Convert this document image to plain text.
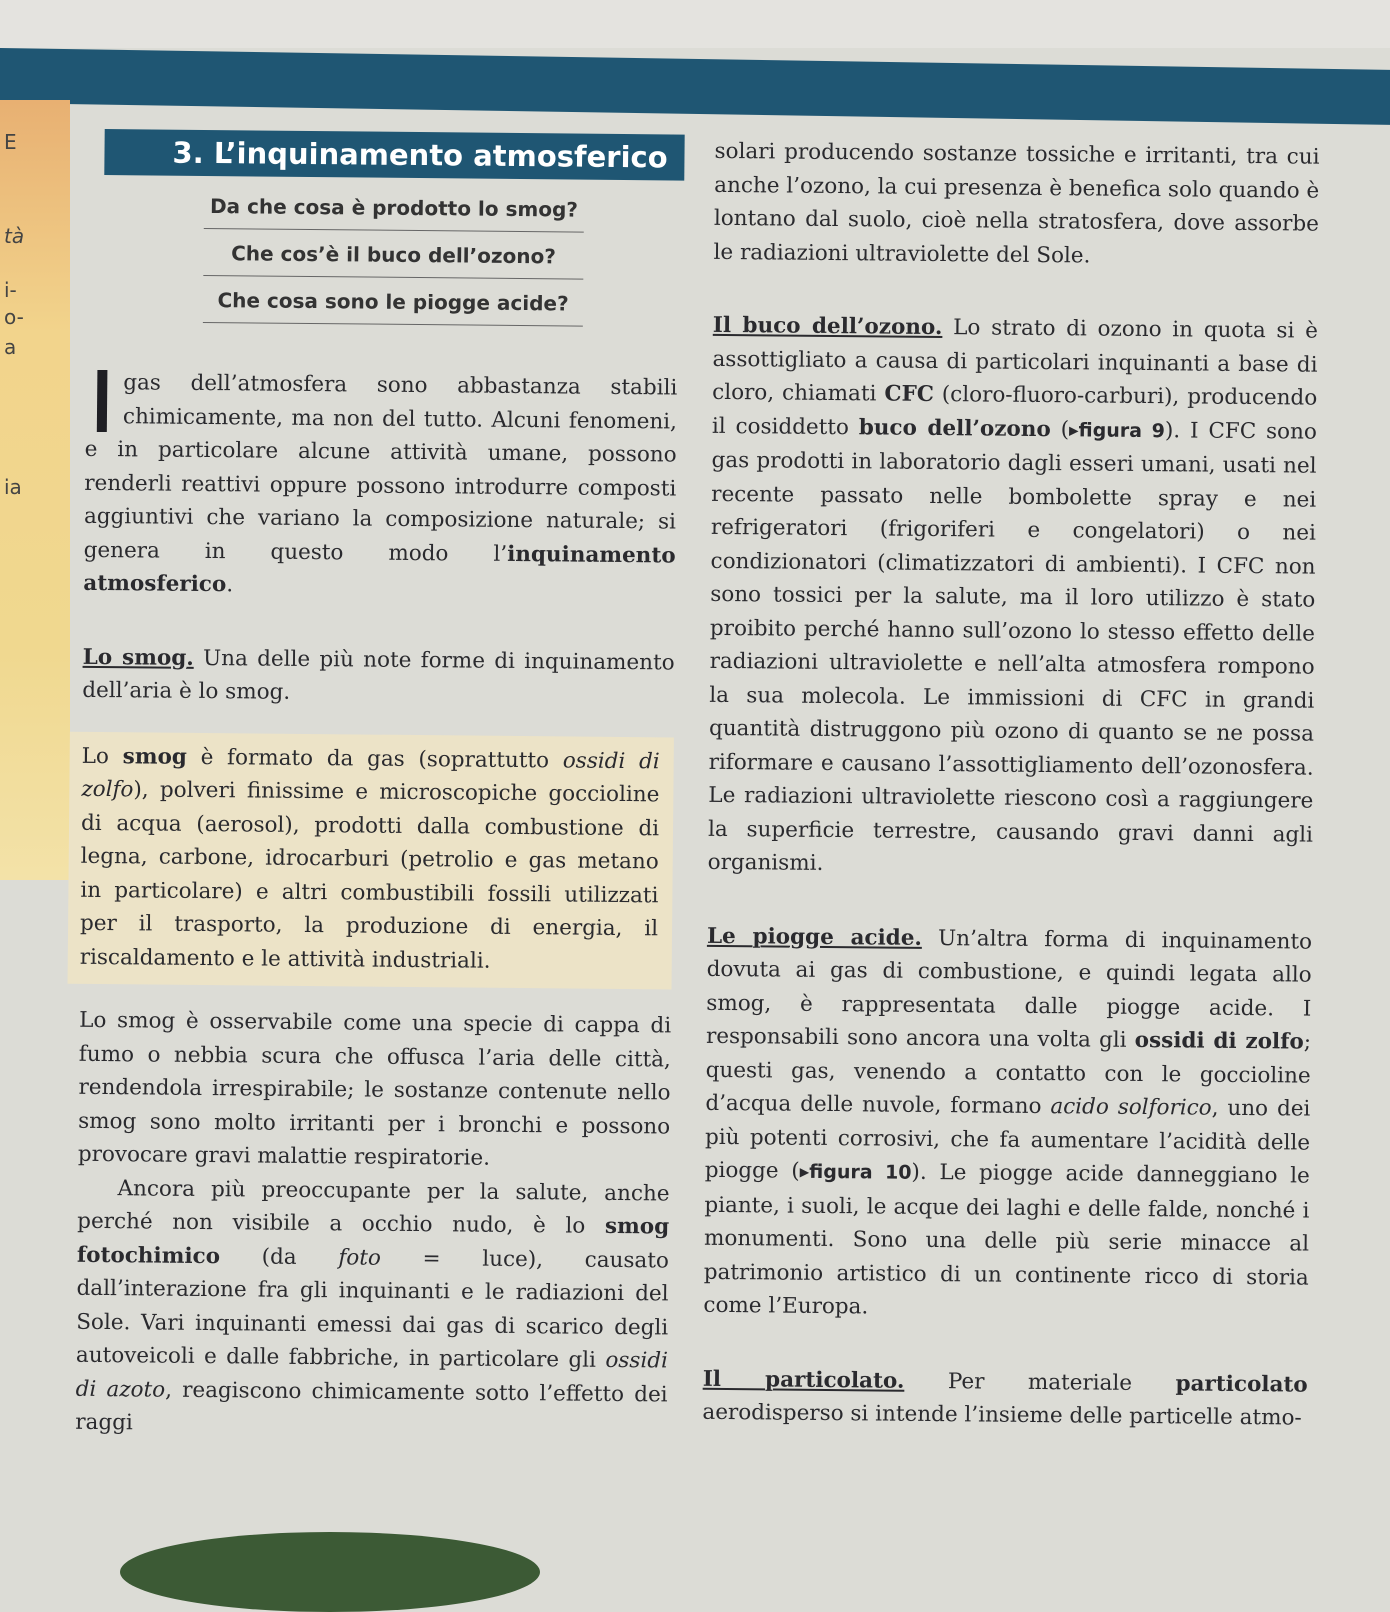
E
tà
i-
o-
a
ia
3. L’inquinamento atmosferico
Da che cosa è prodotto lo smog?
Che cos’è il buco dell’ozono?
Che cosa sono le piogge acide?

gas dell’atmosfera sono abbastanza stabili chimicamente, ma non del tutto. Alcuni fenomeni, e in particolare alcune attività umane, possono renderli reattivi oppure possono introdurre composti aggiuntivi che variano la composizione naturale; si genera in questo modo l’inquinamento atmosferico.

Lo smog. Una delle più note forme di inquinamento dell’aria è lo smog.

Lo smog è formato da gas (soprattutto ossidi di zolfo), polveri finissime e microscopiche goccioline di acqua (aerosol), prodotti dalla combustione di legna, carbone, idrocarburi (petrolio e gas metano in particolare) e altri combustibili fossili utilizzati per il trasporto, la produzione di energia, il riscaldamento e le attività industriali.

Lo smog è osservabile come una specie di cappa di fumo o nebbia scura che offusca l’aria delle città, rendendola irrespirabile; le sostanze contenute nello smog sono molto irritanti per i bronchi e possono provocare gravi malattie respiratorie.

Ancora più preoccupante per la salute, anche perché non visibile a occhio nudo, è lo smog fotochimico (da foto = luce), causato dall’interazione fra gli inquinanti e le radiazioni del Sole. Vari inquinanti emessi dai gas di scarico degli autoveicoli e dalle fabbriche, in particolare gli ossidi di azoto, reagiscono chimicamente sotto l’effetto dei raggi

solari producendo sostanze tossiche e irritanti, tra cui anche l’ozono, la cui presenza è benefica solo quando è lontano dal suolo, cioè nella stratosfera, dove assorbe le radiazioni ultraviolette del Sole.

Il buco dell’ozono. Lo strato di ozono in quota si è assottigliato a causa di particolari inquinanti a base di cloro, chiamati CFC (cloro-fluoro-carburi), producendo il cosiddetto buco dell’ozono (▸figura 9). I CFC sono gas prodotti in laboratorio dagli esseri umani, usati nel recente passato nelle bombolette spray e nei refrigeratori (frigoriferi e congelatori) o nei condizionatori (climatizzatori di ambienti). I CFC non sono tossici per la salute, ma il loro utilizzo è stato proibito perché hanno sull’ozono lo stesso effetto delle radiazioni ultraviolette e nell’alta atmosfera rompono la sua molecola. Le immissioni di CFC in grandi quantità distruggono più ozono di quanto se ne possa riformare e causano l’assottigliamento dell’ozonosfera. Le radiazioni ultraviolette riescono così a raggiungere la superficie terrestre, causando gravi danni agli organismi.

Le piogge acide. Un’altra forma di inquinamento dovuta ai gas di combustione, e quindi legata allo smog, è rappresentata dalle piogge acide. I responsabili sono ancora una volta gli ossidi di zolfo; questi gas, venendo a contatto con le goccioline d’acqua delle nuvole, formano acido solforico, uno dei più potenti corrosivi, che fa aumentare l’acidità delle piogge (▸figura 10). Le piogge acide danneggiano le piante, i suoli, le acque dei laghi e delle falde, nonché i monumenti. Sono una delle più serie minacce al patrimonio artistico di un continente ricco di storia come l’Europa.

Il particolato. Per materiale particolato aerodisperso si intende l’insieme delle particelle atmo-
